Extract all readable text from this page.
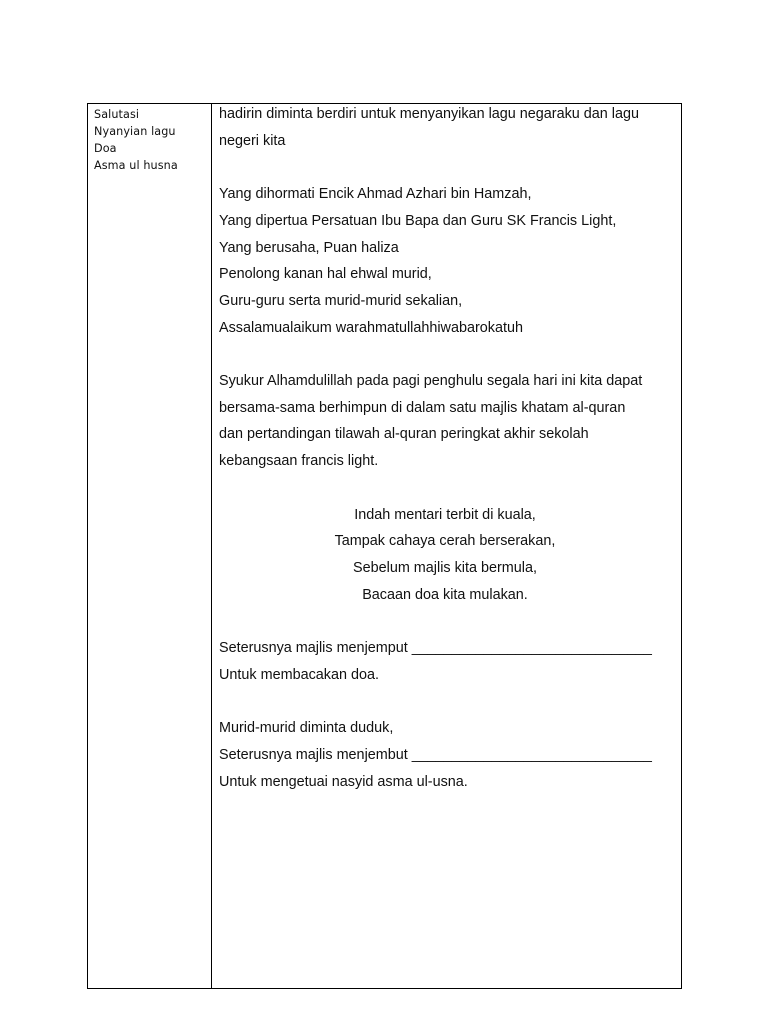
Salutasi
Nyanyian lagu
Doa
Asma ul husna
hadirin diminta berdiri untuk menyanyikan lagu negaraku dan lagu
negeri kita
Yang dihormati Encik Ahmad Azhari bin Hamzah,
Yang dipertua Persatuan Ibu Bapa dan Guru SK Francis Light,
Yang berusaha, Puan haliza
Penolong kanan hal ehwal murid,
Guru-guru serta murid-murid sekalian,
Assalamualaikum warahmatullahhiwabarokatuh
Syukur Alhamdulillah pada pagi penghulu segala hari ini kita dapat
bersama-sama berhimpun di dalam satu majlis khatam al-quran
dan pertandingan tilawah al-quran peringkat akhir sekolah
kebangsaan francis light.
Indah mentari terbit di kuala,
Tampak cahaya cerah berserakan,
Sebelum majlis kita bermula,
Bacaan doa kita mulakan.
Seterusnya majlis menjemput ______________________________
Untuk membacakan doa.
Murid-murid diminta duduk,
Seterusnya majlis menjembut ______________________________
Untuk mengetuai nasyid asma ul-usna.
